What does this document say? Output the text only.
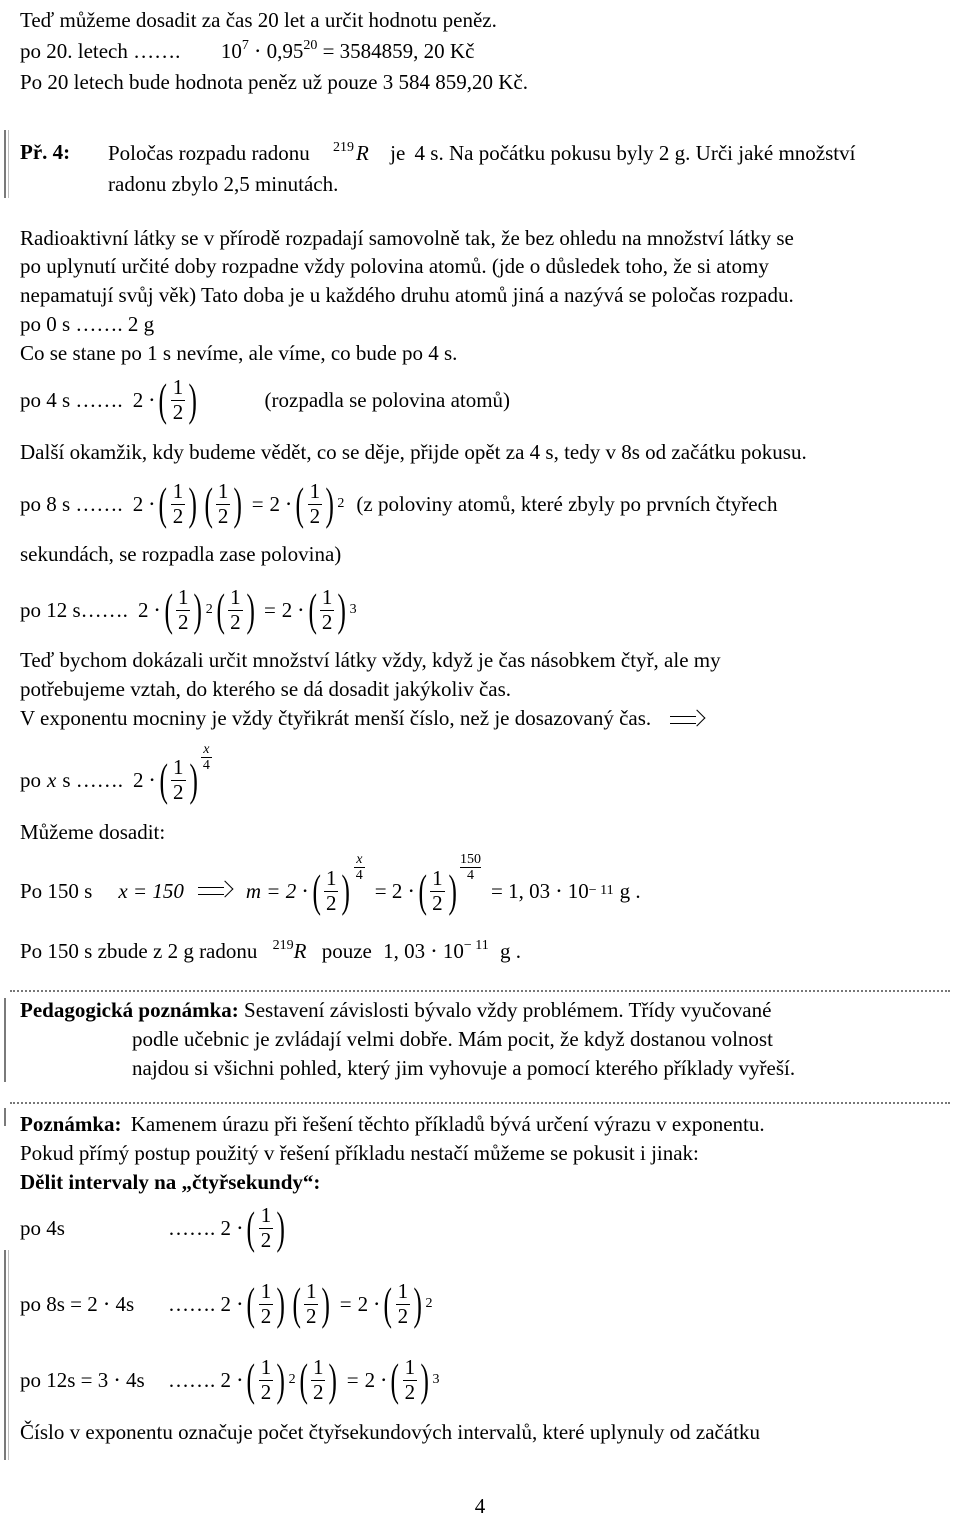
Teď můžeme dosadit za čas 20 let a určit hodnotu peněz.
po 20. letech ……. $10^7 \cdot 0,95^{20} = 3584859$, 20 Kč
Po 20 letech bude hodnota peněz už pouze 3 584 859,20 Kč.
Př. 4: Poločas rozpadu radonu $^{219}$R je 4 s. Na počátku pokusu byly 2 g. Urči jaké množství
radonu zbylo 2,5 minutách.
Radioaktivní látky se v přírodě rozpadají samovolně tak, že bez ohledu na množství látky se
po uplynutí určité doby rozpadne vždy polovina atomů. (jde o důsledek toho, že si atomy
nepamatují svůj věk) Tato doba je u každého druhu atomů jiná a nazývá se poločas rozpadu.
po 0 s ……. 2 g
Co se stane po 1 s nevíme, ale víme, co bude po 4 s.
po 4 s ……. 2 ⋅ ( $\frac{1}{2}$ )	(rozpadla se polovina atomů)
Další okamžik, kdy budeme vědět, co se děje, přijde opět za 4 s, tedy v 8s od začátku pokusu.
po 8 s ……. 2 ⋅ ( $\frac{1}{2}$ ) ( $\frac{1}{2}$ ) = 2 ⋅ ( $\frac{1}{2}$ ) 2 (z poloviny atomů, které zbyly po prvních čtyřech
sekundách, se rozpadla zase polovina)
po 12 s……. 2 ⋅ ( $\frac{1}{2}$ ) 2 ( $\frac{1}{2}$ ) = 2 ⋅ ( $\frac{1}{2}$ ) 3
Teď bychom dokázali určit množství látky vždy, když je čas násobkem čtyř, ale my
potřebujeme vztah, do kterého se dá dosadit jakýkoliv čas.
V exponentu mocniny je vždy čtyřikrát menší číslo, než je dosazovaný čas.
po x s ……. 2 ⋅ ( $\frac{1}{2}$ ) $\frac{x}{4}$
Můžeme dosadit:
Po 150 s x = 150	m = 2 ⋅ ( $\frac{1}{2}$ ) $\frac{x}{4}$
= 2 ⋅ ( $\frac{1}{2}$ ) $\frac{150}{4}$
= 1, 03 ⋅ 10 − 11 g .
Po 150 s zbude z 2 g radonu $^{219}$R pouze 1, $03 \cdot 10^{- 11}$ g .
Pedagogická poznámka: Sestavení závislosti bývalo vždy problémem. Třídy vyučované
podle učebnic je zvládají velmi dobře. Mám pocit, že když dostanou volnost
najdou si všichni pohled, který jim vyhovuje a pomocí kterého příklady vyřeší.
Poznámka: Kamenem úrazu při řešení těchto příkladů bývá určení výrazu v exponentu.
Pokud přímý postup použitý v řešení příkladu nestačí můžeme se pokusit i jinak:
Dělit intervaly na „čtyřsekundy“:
po 4s	……. 2 ⋅ ( $\frac{1}{2}$ )
po 8s = 2 ⋅ 4s	……. 2 ⋅ ( $\frac{1}{2}$ ) ( $\frac{1}{2}$ ) = 2 ⋅ ( $\frac{1}{2}$ ) 2
po 12s = 3 ⋅ 4s	……. 2 ⋅ ( $\frac{1}{2}$ ) 2 ( $\frac{1}{2}$ ) = 2 ⋅ ( $\frac{1}{2}$ ) 3
Číslo v exponentu označuje počet čtyřsekundových intervalů, které uplynuly od začátku
4
